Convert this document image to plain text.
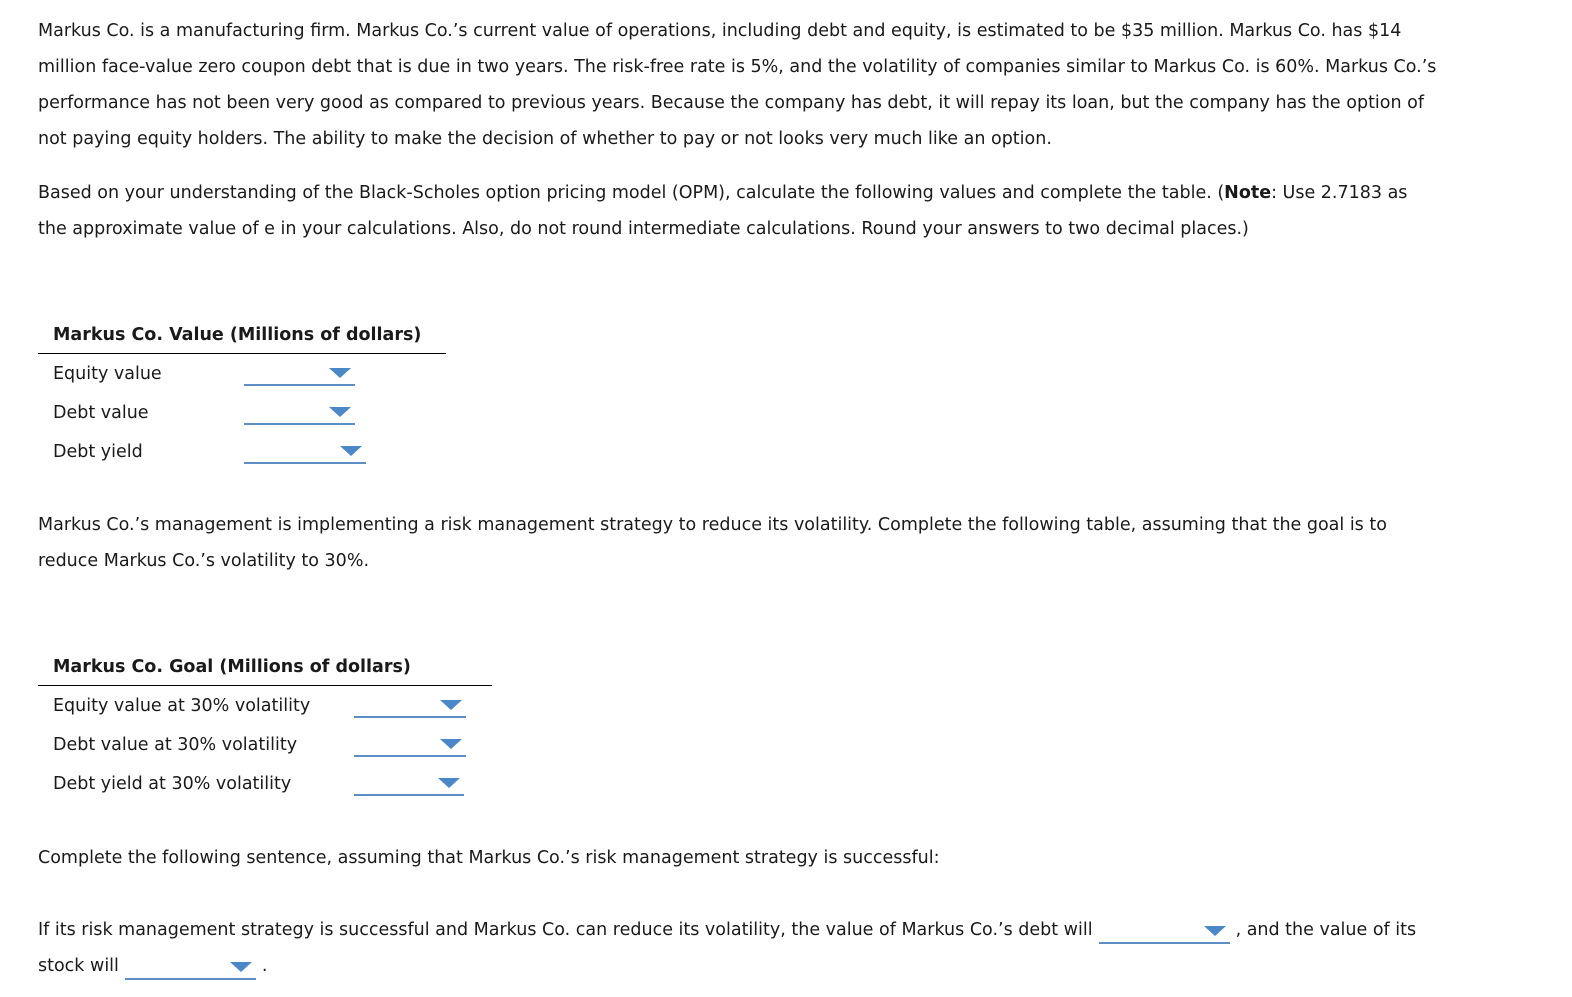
Markus Co. is a manufacturing firm. Markus Co.’s current value of operations, including debt and equity, is estimated to be $35 million. Markus Co. has $14 million face-value zero coupon debt that is due in two years. The risk-free rate is 5%, and the volatility of companies similar to Markus Co. is 60%. Markus Co.’s performance has not been very good as compared to previous years. Because the company has debt, it will repay its loan, but the company has the option of not paying equity holders. The ability to make the decision of whether to pay or not looks very much like an option.

Based on your understanding of the Black-Scholes option pricing model (OPM), calculate the following values and complete the table. (Note: Use 2.7183 as the approximate value of e in your calculations. Also, do not round intermediate calculations. Round your answers to two decimal places.)

Markus Co. Value (Millions of dollars)
Equity value
Debt value
Debt yield

Markus Co.’s management is implementing a risk management strategy to reduce its volatility. Complete the following table, assuming that the goal is to reduce Markus Co.’s volatility to 30%.

Markus Co. Goal (Millions of dollars)
Equity value at 30% volatility
Debt value at 30% volatility
Debt yield at 30% volatility

Complete the following sentence, assuming that Markus Co.’s risk management strategy is successful:

If its risk management strategy is successful and Markus Co. can reduce its volatility, the value of Markus Co.’s debt will	, and the value of its stock will	.
